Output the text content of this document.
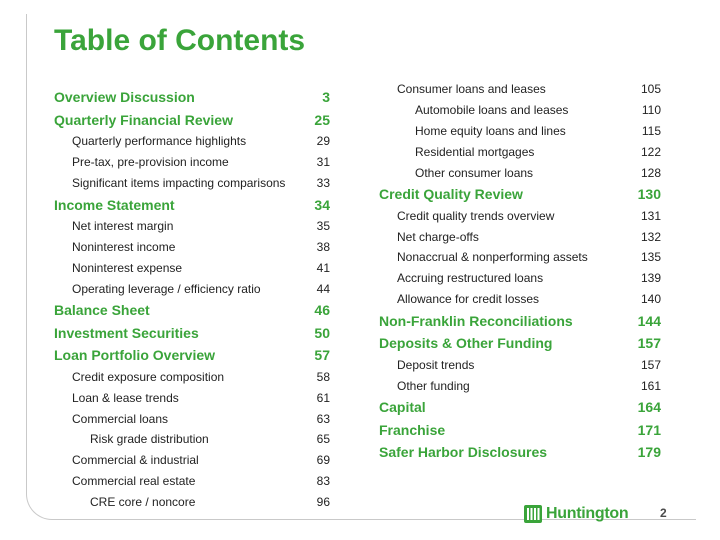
Table of Contents
Overview Discussion	3
Quarterly Financial Review	25
Quarterly performance highlights	29
Pre-tax, pre-provision income	31
Significant items impacting comparisons	33
Income Statement	34
Net interest margin	35
Noninterest income	38
Noninterest expense	41
Operating leverage / efficiency ratio	44
Balance Sheet	46
Investment Securities	50
Loan Portfolio Overview	57
Credit exposure composition	58
Loan & lease trends	61
Commercial loans	63
Risk grade distribution	65
Commercial & industrial	69
Commercial real estate	83
CRE core / noncore	96
Consumer loans and leases	105
Automobile loans and leases	110
Home equity loans and lines	115
Residential mortgages	122
Other consumer loans	128
Credit Quality Review	130
Credit quality trends overview	131
Net charge-offs	132
Nonaccrual & nonperforming assets	135
Accruing restructured loans	139
Allowance for credit losses	140
Non-Franklin Reconciliations	144
Deposits & Other Funding	157
Deposit trends	157
Other funding	161
Capital	164
Franchise	171
Safer Harbor Disclosures	179
Huntington	2
